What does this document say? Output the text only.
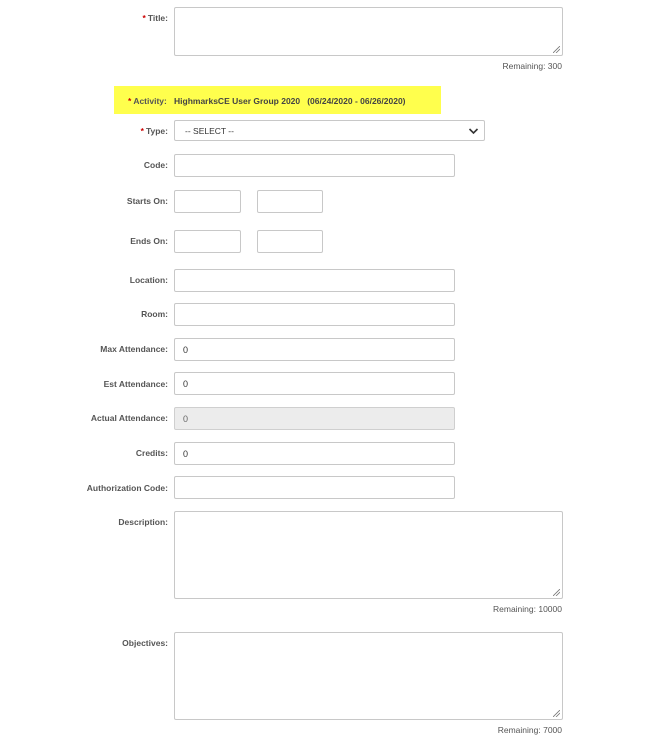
* Title:
Remaining: 300
* Activity: HighmarksCE User Group 2020   (06/24/2020 - 06/26/2020)
* Type: -- SELECT --
Code:
Starts On:
Ends On:
Location:
Room:
Max Attendance:
0
Est Attendance:
0
Actual Attendance:
0
Credits:
0
Authorization Code:
Description:
Remaining: 10000
Objectives:
Remaining: 7000
